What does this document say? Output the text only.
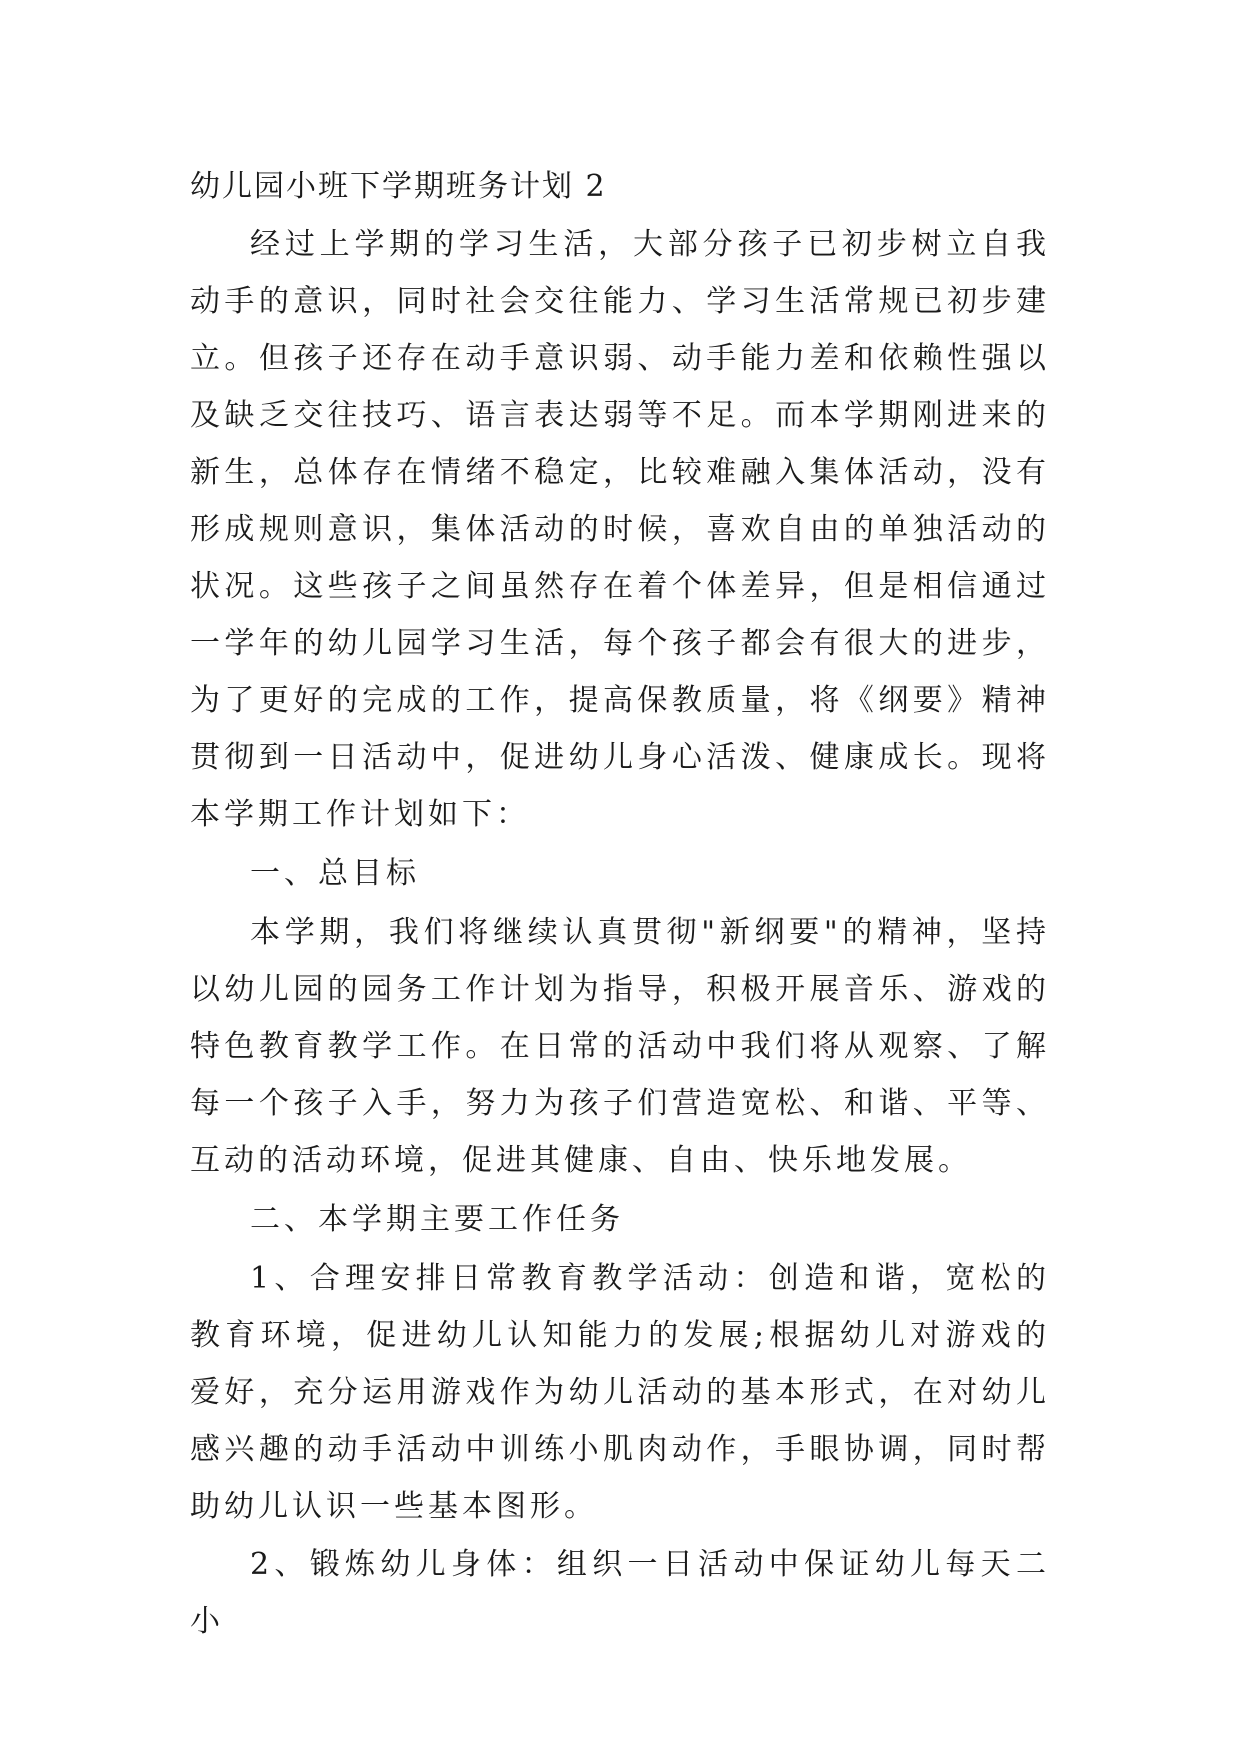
幼儿园小班下学期班务计划 2

经过上学期的学习生活，大部分孩子已初步树立自我动手的意识，同时社会交往能力、学习生活常规已初步建立。但孩子还存在动手意识弱、动手能力差和依赖性强以及缺乏交往技巧、语言表达弱等不足。而本学期刚进来的新生，总体存在情绪不稳定，比较难融入集体活动，没有形成规则意识，集体活动的时候，喜欢自由的单独活动的状况。这些孩子之间虽然存在着个体差异，但是相信通过一学年的幼儿园学习生活，每个孩子都会有很大的进步，为了更好的完成的工作，提高保教质量，将《纲要》精神贯彻到一日活动中，促进幼儿身心活泼、健康成长。现将本学期工作计划如下：

一、总目标

本学期，我们将继续认真贯彻"新纲要"的精神，坚持以幼儿园的园务工作计划为指导，积极开展音乐、游戏的特色教育教学工作。在日常的活动中我们将从观察、了解每一个孩子入手，努力为孩子们营造宽松、和谐、平等、互动的活动环境，促进其健康、自由、快乐地发展。

二、本学期主要工作任务

1、合理安排日常教育教学活动：创造和谐，宽松的教育环境，促进幼儿认知能力的发展;根据幼儿对游戏的爱好，充分运用游戏作为幼儿活动的基本形式，在对幼儿感兴趣的动手活动中训练小肌肉动作，手眼协调，同时帮助幼儿认识一些基本图形。

2、锻炼幼儿身体：组织一日活动中保证幼儿每天二小
